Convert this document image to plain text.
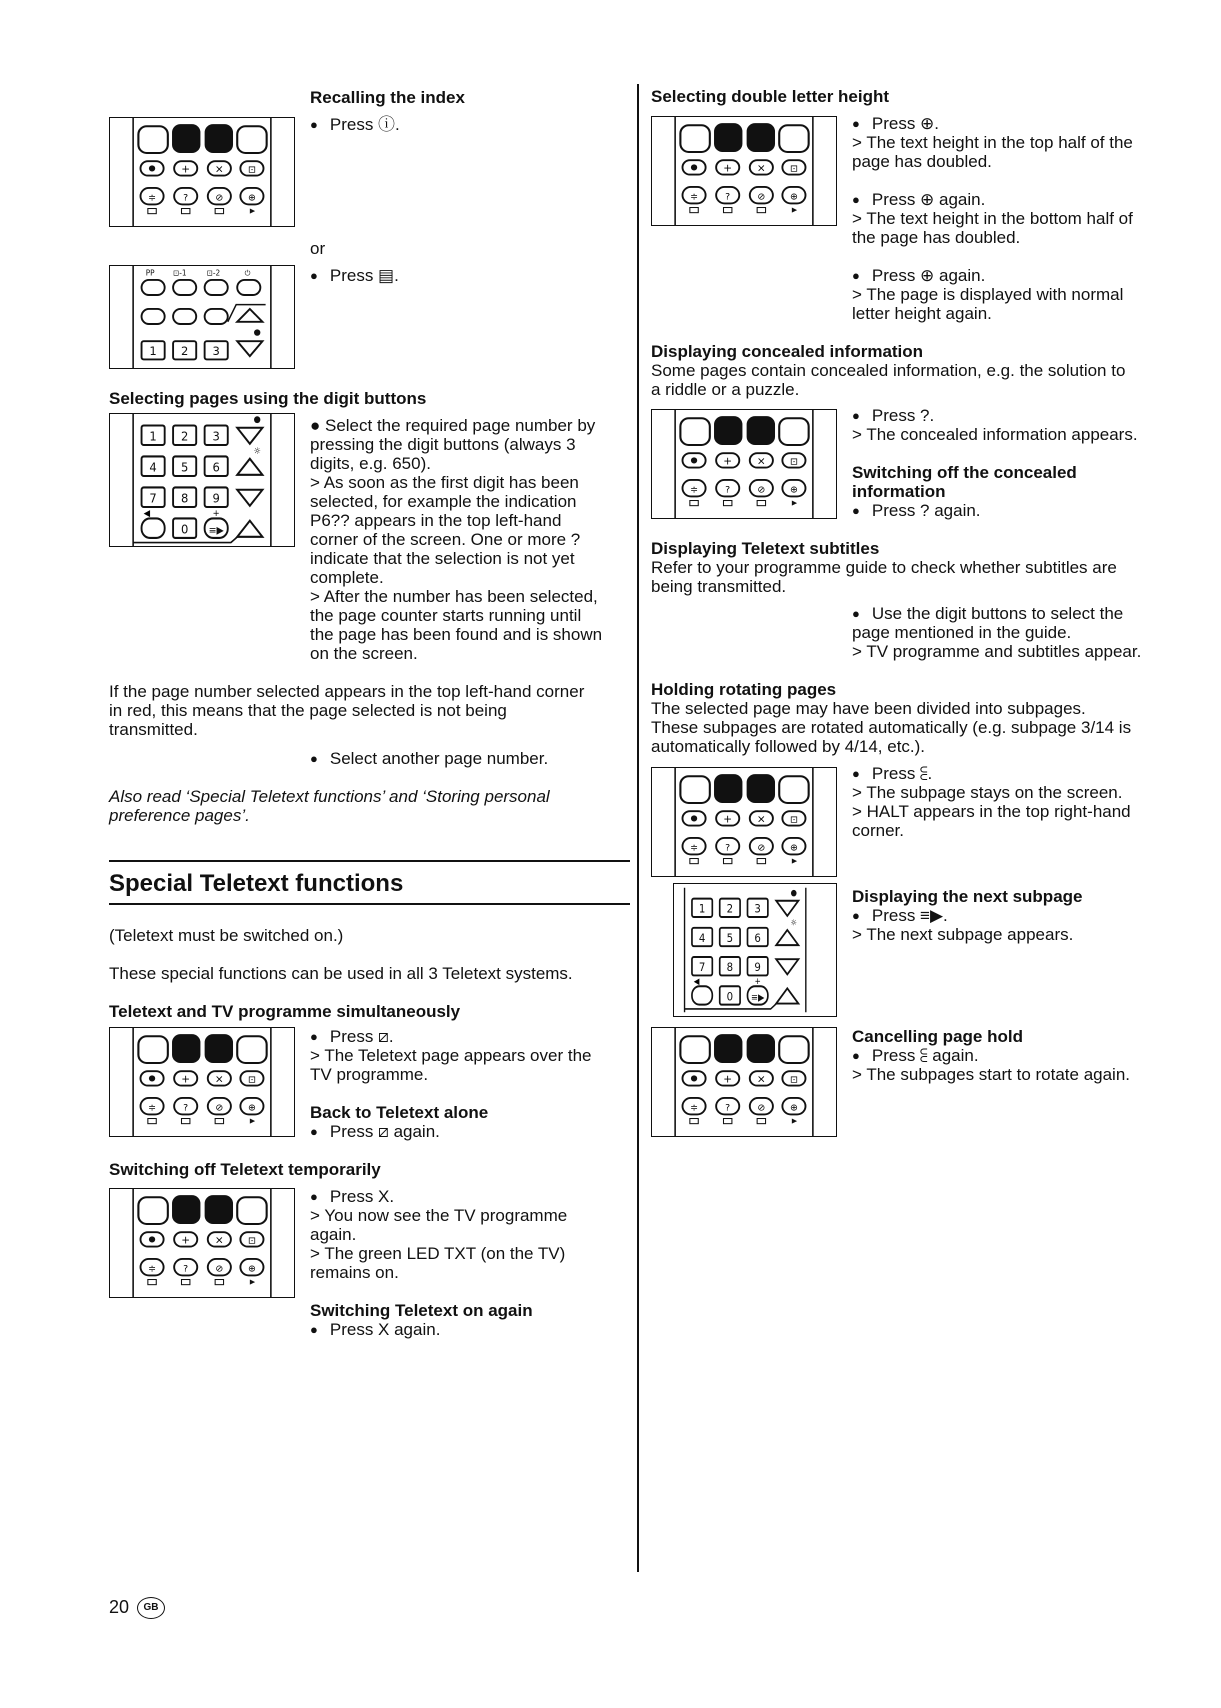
Recalling the index
● Press ⓘ.
or
● Press ▤.
Selecting pages using the digit buttons
● Select the required page number by
pressing the digit buttons (always 3
digits, e.g. 650).
> As soon as the first digit has been
selected, for example the indication
P6?? appears in the top left-hand
corner of the screen. One or more ?
indicate that the selection is not yet
complete.
> After the number has been selected,
the page counter starts running until
the page has been found and is shown
on the screen.
If the page number selected appears in the top left-hand corner
in red, this means that the page selected is not being
transmitted.
● Select another page number.
Also read ‘Special Teletext functions’ and ‘Storing personal
preference pages’.
Special Teletext functions
(Teletext must be switched on.)
These special functions can be used in all 3 Teletext systems.
Teletext and TV programme simultaneously
● Press ⧄.
> The Teletext page appears over the
TV programme.
Back to Teletext alone
● Press ⧄ again.
Switching off Teletext temporarily
● Press X.
> You now see the TV programme
again.
> The green LED TXT (on the TV)
remains on.
Switching Teletext on again
● Press X again.
Selecting double letter height
● Press ⊕.
> The text height in the top half of the
page has doubled.
● Press ⊕ again.
> The text height in the bottom half of
the page has doubled.
● Press ⊕ again.
> The page is displayed with normal
letter height again.
Displaying concealed information
Some pages contain concealed information, e.g. the solution to
a riddle or a puzzle.
● Press ?.
> The concealed information appears.
Switching off the concealed
information
● Press ? again.
Displaying Teletext subtitles
Refer to your programme guide to check whether subtitles are
being transmitted.
● Use the digit buttons to select the
page mentioned in the guide.
> TV programme and subtitles appear.
Holding rotating pages
The selected page may have been divided into subpages.
These subpages are rotated automatically (e.g. subpage 3/14 is
automatically followed by 4/14, etc.).
● Press ⫕.
> The subpage stays on the screen.
> HALT appears in the top right-hand
corner.
Displaying the next subpage
● Press ≡▶.
> The next subpage appears.
Cancelling page hold
● Press ⫕ again.
> The subpages start to rotate again.
20	GB
